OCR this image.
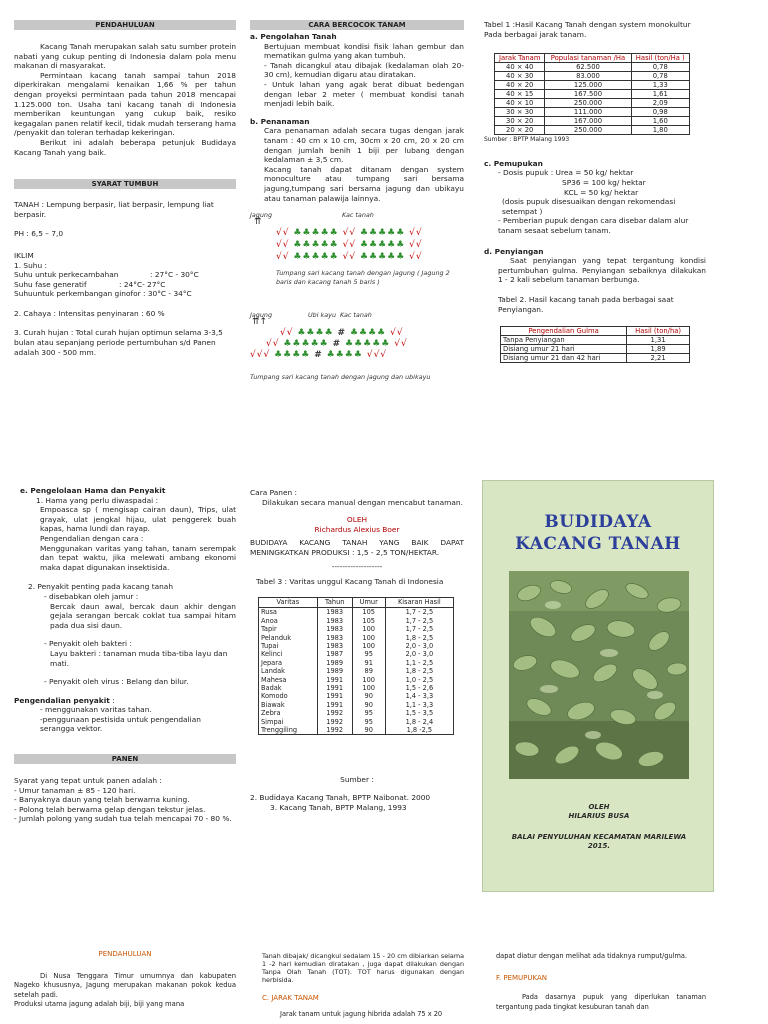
PENDAHULUAN

Kacang Tanah merupakan salah satu sumber protein nabati yang cukup penting di Indonesia dalam pola menu makanan di masyarakat.

Permintaan kacang tanah sampai tahun 2018 diperkirakan mengalami kenaikan 1,66 % per tahun dengan proyeksi permintaan pada tahun 2018 mencapai 1.125.000 ton. Usaha tani kacang tanah di Indonesia memberikan keuntungan yang cukup baik, resiko kegagalan panen relatif kecil, tidak mudah terserang hama /penyakit dan toleran terhadap kekeringan.

Berikut ini adalah beberapa petunjuk Budidaya Kacang Tanah yang baik.

SYARAT TUMBUH

TANAH : Lempung berpasir, liat berpasir, lempung liat berpasir.

PH : 6,5 – 7,0

IKLIM

1. Suhu :

Suhu untuk perkecambahan	: 27°C - 30°C
Suhu fase generatif	: 24°C- 27°C

Suhuuntuk perkembangan ginofor : 30°C - 34°C

2. Cahaya : Intensitas penyinaran : 60 %

3. Curah hujan : Total curah hujan optimun selama 3-3,5 bulan atau sepanjang periode pertumbuhan s/d Panen adalah 300 - 500 mm.

CARA BERCOCOK TANAM

a. Pengolahan Tanah

Bertujuan membuat kondisi fisik lahan gembur dan mematikan gulma yang akan tumbuh.

- Tanah dicangkul atau dibajak (kedalaman olah 20-30 cm), kemudian digaru atau diratakan.

- Untuk lahan yang agak berat dibuat bedengan dengan lebar 2 meter ( membuat kondisi tanah menjadi lebih baik.

b. Penanaman

Cara penanaman adalah secara tugas dengan jarak tanam : 40 cm x 10 cm, 30cm x 20 cm, 20 x 20 cm dengan jumlah benih 1 biji per lubang dengan kedalaman ± 3,5 cm.

Kacang tanah dapat ditanam dengan system monoculture atau tumpang sari bersama jagung,tumpang sari bersama jagung dan ubikayu atau tanaman palawija lainnya.

Jagung	Kac tanah
⇈
√√ ♣♣♣♣♣ √√ ♣♣♣♣♣ √√
√√ ♣♣♣♣♣ √√ ♣♣♣♣♣ √√
√√ ♣♣♣♣♣ √√ ♣♣♣♣♣ √√

Tumpang sari kacang tanah dengan jagung ( Jagung 2 baris dan kacang tanah 5 baris )

Jagung	Ubi kayu Kac tanah
⇈↑
√√ ♣♣♣♣ # ♣♣♣♣ √√
√√ ♣♣♣♣♣ # ♣♣♣♣♣ √√
√√√ ♣♣♣♣ # ♣♣♣♣ √√√

Tumpang sari kacang tanah dengan jagung dan ubikayu

Tabel 1 :Hasil Kacang Tanah dengan system monokultur Pada berbagai jarak tanam.

Jarak Tanam	Populasi tanaman /Ha	Hasil (ton/Ha )
40 × 40	62.500	0,78
40 × 30	83.000	0,78
40 × 20	125.000	1,33
40 × 15	167.500	1,61
40 × 10	250.000	2,09
30 × 30	111.000	0,98
30 × 20	167.000	1,60
20 × 20	250.000	1,80

Sumber : BPTP Malang 1993

c. Pemupukan

- Dosis pupuk : Urea = 50 kg/ hektar

SP36 = 100 kg/ hektar

KCL = 50 kg/ hektar

(dosis pupuk disesuaikan dengan rekomendasi setempat )

- Pemberian pupuk dengan cara disebar dalam alur tanam sesaat sebelum tanam.

d. Penyiangan

Saat penyiangan yang tepat tergantung kondisi pertumbuhan gulma. Penyiangan sebaiknya dilakukan 1 - 2 kali sebelum tanaman berbunga.

Tabel 2. Hasil kacang tanah pada berbagai saat Penyiangan.

Pengendalian Gulma	Hasil (ton/ha)
Tanpa Penyiangan	1,31
Disiang umur 21 hari	1,89
Disiang umur 21 dan 42 hari	2,21

e. Pengelolaan Hama dan Penyakit

1. Hama yang perlu diwaspadai :

Empoasca sp ( mengisap cairan daun), Trips, ulat grayak, ulat jengkal hijau, ulat penggerek buah kapas, hama lundi dan rayap.

Pengendalian dengan cara :

Menggunakan varitas yang tahan, tanam serempak dan tepat waktu, jika melewati ambang ekonomi maka dapat digunakan insektisida.

2. Penyakit penting pada kacang tanah

- disebabkan oleh jamur :

Bercak daun awal, bercak daun akhir dengan gejala serangan bercak coklat tua sampai hitam pada dua sisi daun.

- Penyakit oleh bakteri :

Layu bakteri : tanaman muda tiba-tiba layu dan mati.

- Penyakit oleh virus : Belang dan bilur.

Pengendalian penyakit :

- menggunakan varitas tahan.

-penggunaan pestisida untuk pengendalian serangga vektor.

PANEN

Syarat yang tepat untuk panen adalah :

- Umur tanaman ± 85 - 120 hari.

- Banyaknya daun yang telah berwarna kuning.

- Polong telah berwarna gelap dengan tekstur jelas.

- Jumlah polong yang sudah tua telah mencapai 70 - 80 %.

Cara Panen :

Dilakukan secara manual dengan mencabut tanaman.

OLEH

Richardus Alexius Boer

BUDIDAYA KACANG TANAH YANG BAIK DAPAT MENINGKATKAN PRODUKSI : 1,5 - 2,5 TON/HEKTAR.

-------------------

Tabel 3 : Varitas unggul Kacang Tanah di Indonesia

Varitas	Tahun	Umur	Kisaran Hasil
Rusa	1983	105	1,7 - 2,5

Anoa	1983	105	1,7 - 2,5
Tapir	1983	100	1,7 - 2,5
Pelanduk	1983	100	1,8 - 2,5
Tupai	1983	100	2,0 - 3,0
Kelinci	1987	95	2,0 - 3,0
Jepara	1989	91	1,1 - 2,5
Landak	1989	89	1,8 - 2,5
Mahesa	1991	100	1,0 - 2,5
Badak	1991	100	1,5 - 2,6
Komodo	1991	90	1,4 - 3,3
Biawak	1991	90	1,1 - 3,3
Zebra	1992	95	1,5 - 3,5
Simpai	1992	95	1,8 - 2,4
Trenggiling	1992	90	1,8 -2,5

Sumber :

2. Budidaya Kacang Tanah, BPTP Naibonat. 2000

3. Kacang Tanah, BPTP Malang, 1993

BUDIDAYA
KACANG TANAH
OLEH
HILARIUS BUSA
BALAI PENYULUHAN KECAMATAN MARILEWA
2015.

PENDAHULUAN

Di Nusa Tenggara Timur umumnya dan kabupaten Nageko khususnya, Jagung merupakan makanan pokok kedua setelah padi.

Produksi utama jagung adalah biji, biji yang mana

Tanah dibajak/ dicangkul sedalam 15 - 20 cm dibiarkan selama 1 -2 hari kemudian diratakan , juga dapat dilakukan dengan Tanpa Olah Tanah (TOT). TOT harus digunakan dengan herbisida.

C. JARAK TANAM

Jarak tanam untuk jagung hibrida adalah 75 x 20

dapat diatur dengan melihat ada tidaknya rumput/gulma.

F. PEMUPUKAN

Pada dasarnya pupuk yang diperlukan tanaman tergantung pada tingkat kesuburan tanah dan
